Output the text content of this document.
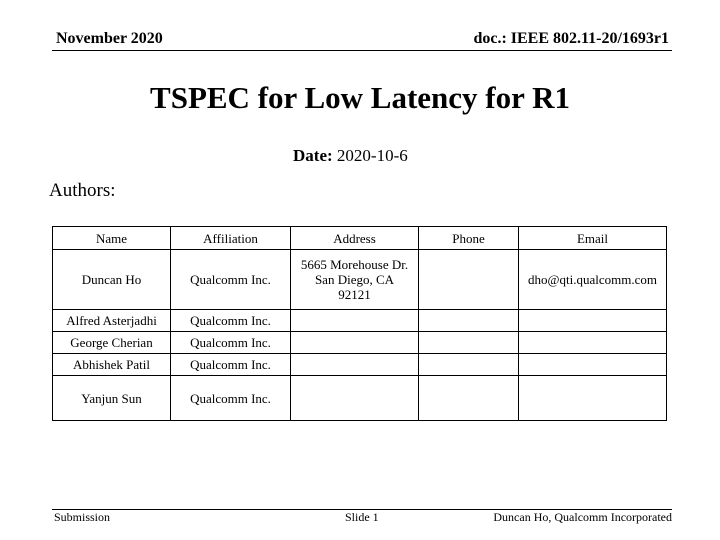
November 2020	doc.: IEEE 802.11-20/1693r1
TSPEC for Low Latency for R1
Date: 2020-10-6
Authors:
Name	Affiliation	Address	Phone	Email
Duncan Ho	Qualcomm Inc.	5665 Morehouse Dr.
San Diego, CA
92121		dho@qti.qualcomm.com
Alfred Asterjadhi	Qualcomm Inc.			
George Cherian	Qualcomm Inc.			
Abhishek Patil	Qualcomm Inc.			
Yanjun Sun	Qualcomm Inc.			
Submission	Slide 1	Duncan Ho, Qualcomm Incorporated
